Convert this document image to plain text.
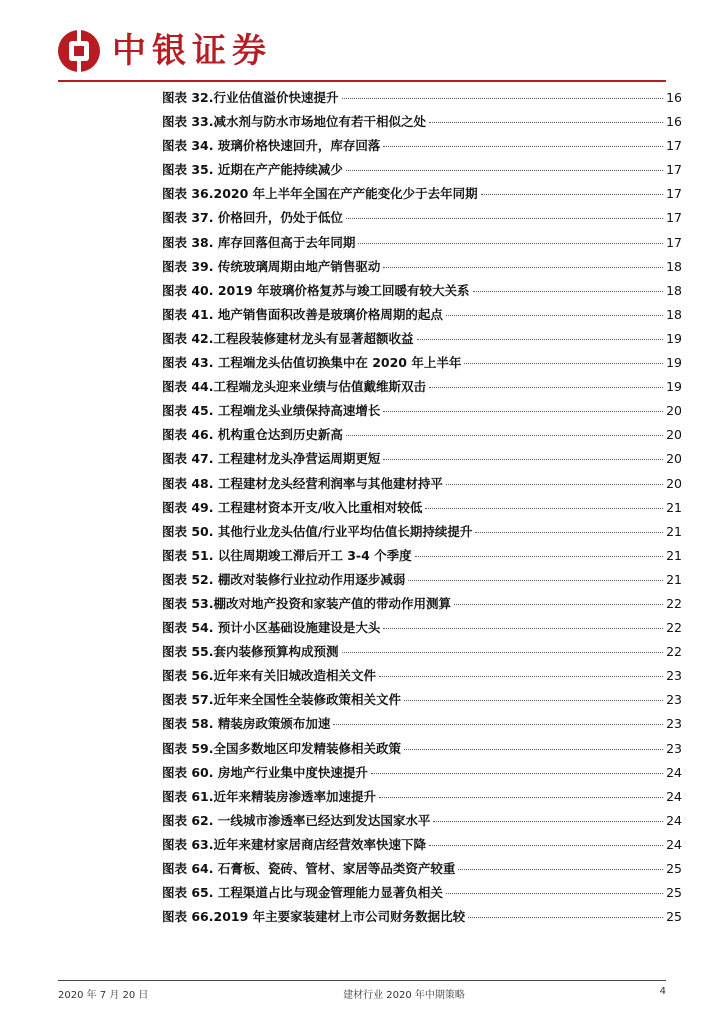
中银证券
图表 32.行业估值溢价快速提升	16
图表 33.减水剂与防水市场地位有若干相似之处	16
图表 34. 玻璃价格快速回升，库存回落	17
图表 35. 近期在产产能持续减少	17
图表 36.2020 年上半年全国在产产能变化少于去年同期	17
图表 37. 价格回升，仍处于低位	17
图表 38. 库存回落但高于去年同期	17
图表 39. 传统玻璃周期由地产销售驱动	18
图表 40. 2019 年玻璃价格复苏与竣工回暖有较大关系	18
图表 41. 地产销售面积改善是玻璃价格周期的起点	18
图表 42.工程段装修建材龙头有显著超额收益	19
图表 43. 工程端龙头估值切换集中在 2020 年上半年	19
图表 44.工程端龙头迎来业绩与估值戴维斯双击	19
图表 45. 工程端龙头业绩保持高速增长	20
图表 46. 机构重仓达到历史新高	20
图表 47. 工程建材龙头净营运周期更短	20
图表 48. 工程建材龙头经营利润率与其他建材持平	20
图表 49. 工程建材资本开支/收入比重相对较低	21
图表 50. 其他行业龙头估值/行业平均估值长期持续提升	21
图表 51. 以往周期竣工滞后开工 3-4 个季度	21
图表 52. 棚改对装修行业拉动作用逐步减弱	21
图表 53.棚改对地产投资和家装产值的带动作用测算	22
图表 54. 预计小区基础设施建设是大头	22
图表 55.套内装修预算构成预测	22
图表 56.近年来有关旧城改造相关文件	23
图表 57.近年来全国性全装修政策相关文件	23
图表 58. 精装房政策颁布加速	23
图表 59.全国多数地区印发精装修相关政策	23
图表 60. 房地产行业集中度快速提升	24
图表 61.近年来精装房渗透率加速提升	24
图表 62. 一线城市渗透率已经达到发达国家水平	24
图表 63.近年来建材家居商店经营效率快速下降	24
图表 64. 石膏板、瓷砖、管材、家居等品类资产较重	25
图表 65. 工程渠道占比与现金管理能力显著负相关	25
图表 66.2019 年主要家装建材上市公司财务数据比较	25
2020 年 7 月 20 日	建材行业 2020 年中期策略	4
